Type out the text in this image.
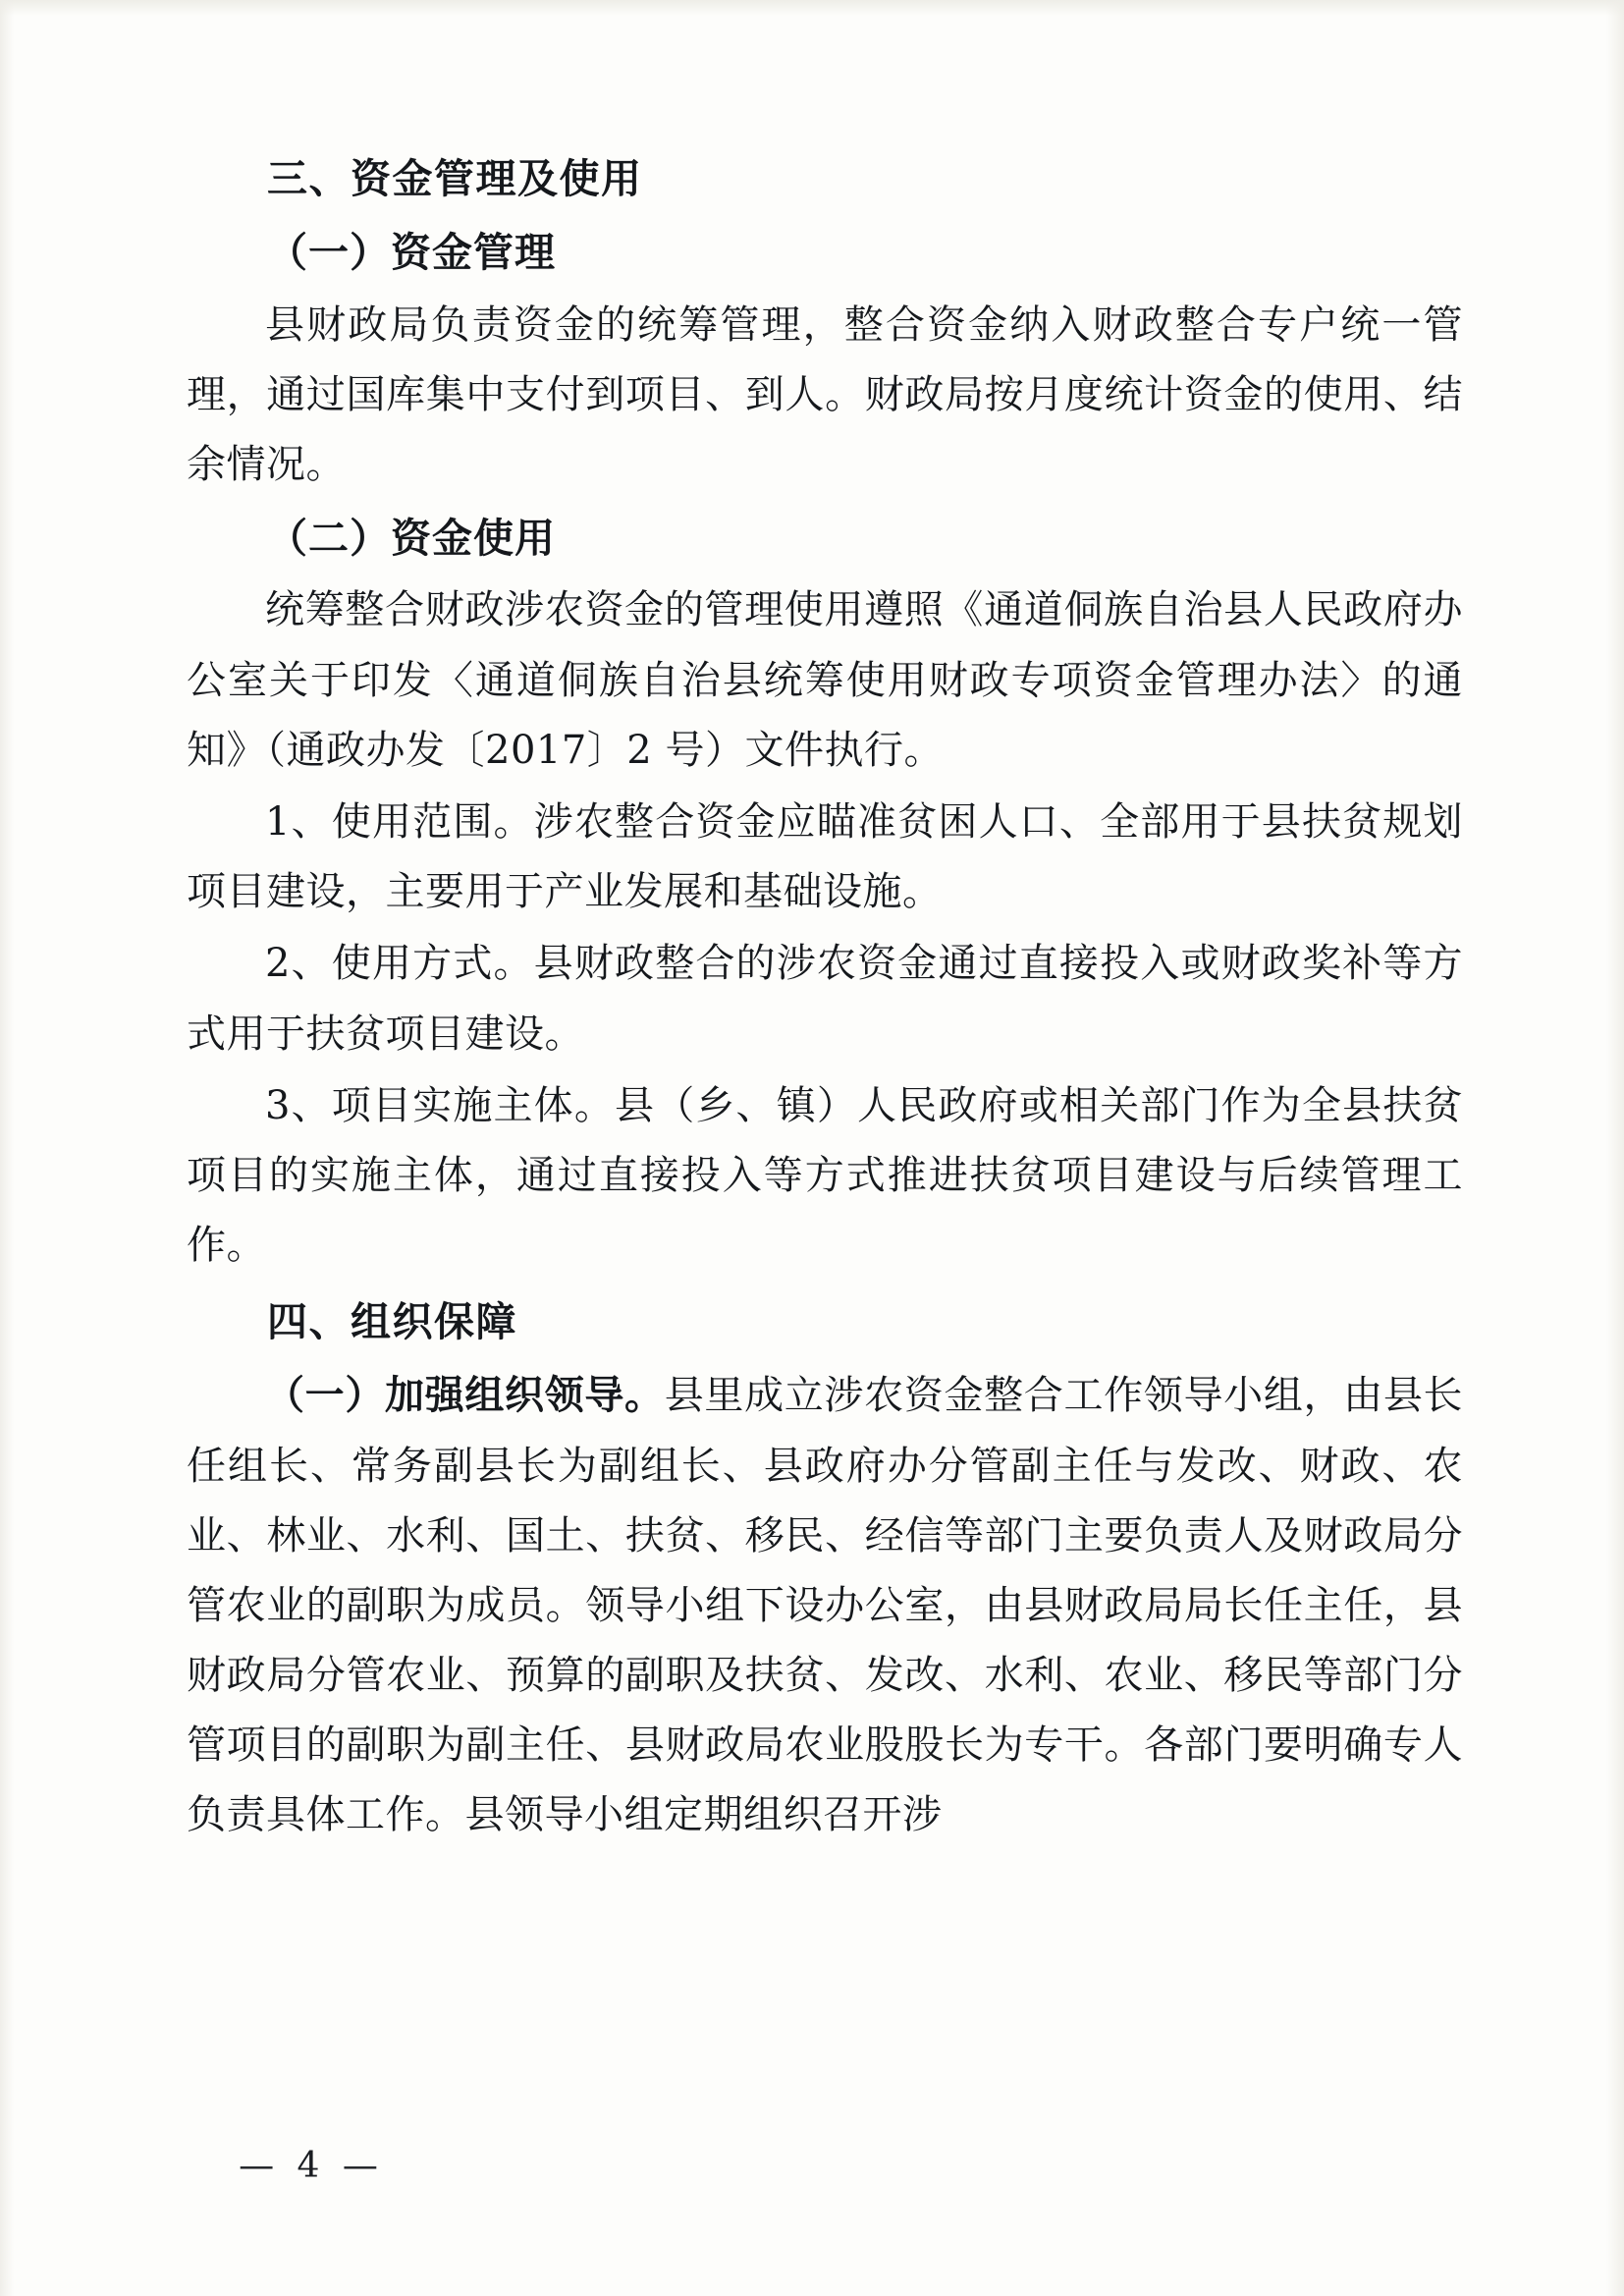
三、资金管理及使用
（一）资金管理
县财政局负责资金的统筹管理，整合资金纳入财政整合专户统一管理，通过国库集中支付到项目、到人。财政局按月度统计资金的使用、结余情况。
（二）资金使用
统筹整合财政涉农资金的管理使用遵照《通道侗族自治县人民政府办公室关于印发〈通道侗族自治县统筹使用财政专项资金管理办法〉的通知》（通政办发〔2017〕2 号）文件执行。
1、使用范围。涉农整合资金应瞄准贫困人口、全部用于县扶贫规划项目建设，主要用于产业发展和基础设施。
2、使用方式。县财政整合的涉农资金通过直接投入或财政奖补等方式用于扶贫项目建设。
3、项目实施主体。县（乡、镇）人民政府或相关部门作为全县扶贫项目的实施主体，通过直接投入等方式推进扶贫项目建设与后续管理工作。
四、组织保障
（一）加强组织领导。县里成立涉农资金整合工作领导小组，由县长任组长、常务副县长为副组长、县政府办分管副主任与发改、财政、农业、林业、水利、国土、扶贫、移民、经信等部门主要负责人及财政局分管农业的副职为成员。领导小组下设办公室，由县财政局局长任主任，县财政局分管农业、预算的副职及扶贫、发改、水利、农业、移民等部门分管项目的副职为副主任、县财政局农业股股长为专干。各部门要明确专人负责具体工作。县领导小组定期组织召开涉
— 4 —
